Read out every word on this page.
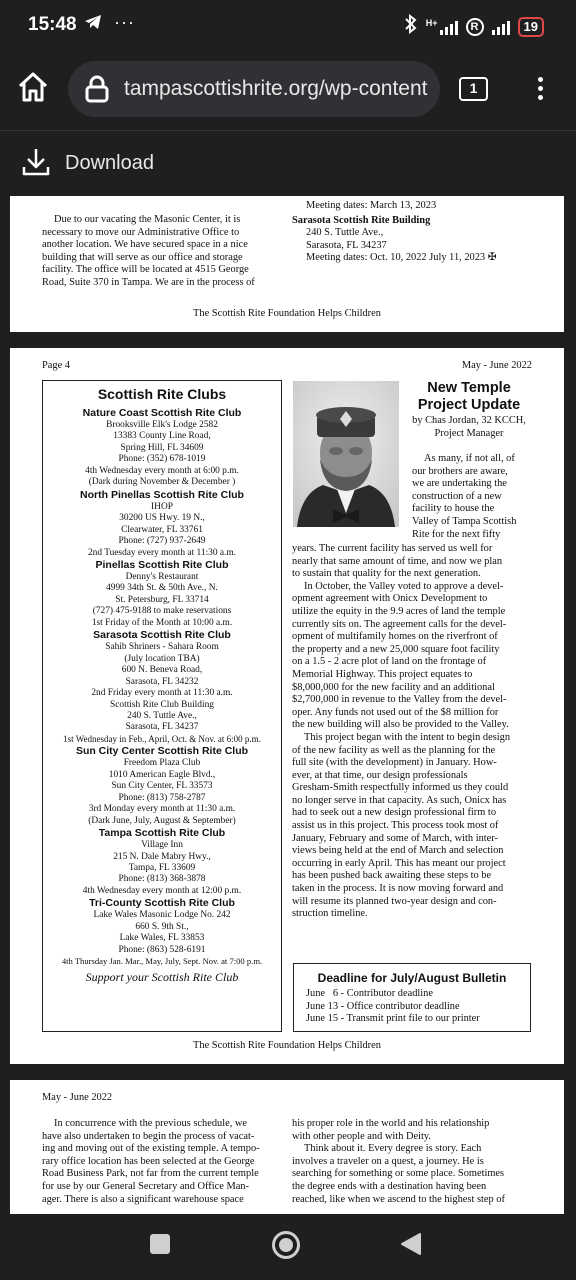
15:48 ···	H+	R	19
tampascottishrite.org/wp-content	1
Download
Due to our vacating the Masonic Center, it is
necessary to move our Administrative Office to
another location. We have secured space in a nice
building that will serve as our office and storage
facility. The office will be located at 4515 George
Road, Suite 370 in Tampa. We are in the process of
Meeting dates: March 13, 2023
Sarasota Scottish Rite Building
240 S. Tuttle Ave.,
Sarasota, FL 34237
Meeting dates: Oct. 10, 2022 July 11, 2023 ✠
The Scottish Rite Foundation Helps Children
Page 4	May - June 2022
Scottish Rite Clubs
Nature Coast Scottish Rite Club
Brooksville Elk's Lodge 2582
13383 County Line Road,
Spring Hill, FL 34609
Phone: (352) 678-1019
4th Wednesday every month at 6:00 p.m.
(Dark during November & December )
North Pinellas Scottish Rite Club
IHOP
30200 US Hwy. 19 N.,
Clearwater, FL 33761
Phone: (727) 937-2649
2nd Tuesday every month at 11:30 a.m.
Pinellas Scottish Rite Club
Denny's Restaurant
4999 34th St. & 50th Ave., N.
St. Petersburg, FL 33714
(727) 475-9188 to make reservations
1st Friday of the Month at 10:00 a.m.
Sarasota Scottish Rite Club
Sahib Shriners - Sahara Room
(July location TBA)
600 N. Beneva Road,
Sarasota, FL 34232
2nd Friday every month at 11:30 a.m.
Scottish Rite Club Building
240 S. Tuttle Ave.,
Sarasota, FL 34237
1st Wednesday in Feb., April, Oct. & Nov. at 6:00 p.m.
Sun City Center Scottish Rite Club
Freedom Plaza Club
1010 American Eagle Blvd.,
Sun City Center, FL 33573
Phone: (813) 758-2787
3rd Monday every month at 11:30 a.m.
(Dark June, July, August & September)
Tampa Scottish Rite Club
Village Inn
215 N. Dale Mabry Hwy.,
Tampa, FL 33609
Phone: (813) 368-3878
4th Wednesday every month at 12:00 p.m.
Tri-County Scottish Rite Club
Lake Wales Masonic Lodge No. 242
660 S. 9th St.,
Lake Wales, FL 33853
Phone: (863) 528-6191
4th Thursday Jan. Mar., May, July, Sept. Nov. at 7:00 p.m.
Support your Scottish Rite Club
New Temple
Project Update
by Chas Jordan, 32 KCCH,
Project Manager
As many, if not all, of
our brothers are aware,
we are undertaking the
construction of a new
facility to house the
Valley of Tampa Scottish
Rite for the next fifty
years. The current facility has served us well for
nearly that same amount of time, and now we plan
to sustain that quality for the next generation.
In October, the Valley voted to approve a devel-
opment agreement with Onicx Development to
utilize the equity in the 9.9 acres of land the temple
currently sits on. The agreement calls for the devel-
opment of multifamily homes on the riverfront of
the property and a new 25,000 square foot facility
on a 1.5 - 2 acre plot of land on the frontage of
Memorial Highway. This project equates to
$8,000,000 for the new facility and an additional
$2,700,000 in revenue to the Valley from the devel-
oper. Any funds not used out of the $8 million for
the new building will also be provided to the Valley.
This project began with the intent to begin design
of the new facility as well as the planning for the
full site (with the development) in January. How-
ever, at that time, our design professionals
Gresham-Smith respectfully informed us they could
no longer serve in that capacity. As such, Onicx has
had to seek out a new design professional firm to
assist us in this project. This process took most of
January, February and some of March, with inter-
views being held at the end of March and selection
occurring in early April. This has meant our project
has been pushed back awaiting these steps to be
taken in the process. It is now moving forward and
will resume its planned two-year design and con-
struction timeline.
Deadline for July/August Bulletin
June   6 - Contributor deadline
June 13 - Office contributor deadline
June 15 - Transmit print file to our printer
The Scottish Rite Foundation Helps Children
May - June 2022
In concurrence with the previous schedule, we
have also undertaken to begin the process of vacat-
ing and moving out of the existing temple. A tempo-
rary office location has been selected at the George
Road Business Park, not far from the current temple
for use by our General Secretary and Office Man-
ager. There is also a significant warehouse space
his proper role in the world and his relationship
with other people and with Deity.
Think about it. Every degree is story. Each
involves a traveler on a quest, a journey. He is
searching for something or some place. Sometimes
the degree ends with a destination having been
reached, like when we ascend to the highest step of
